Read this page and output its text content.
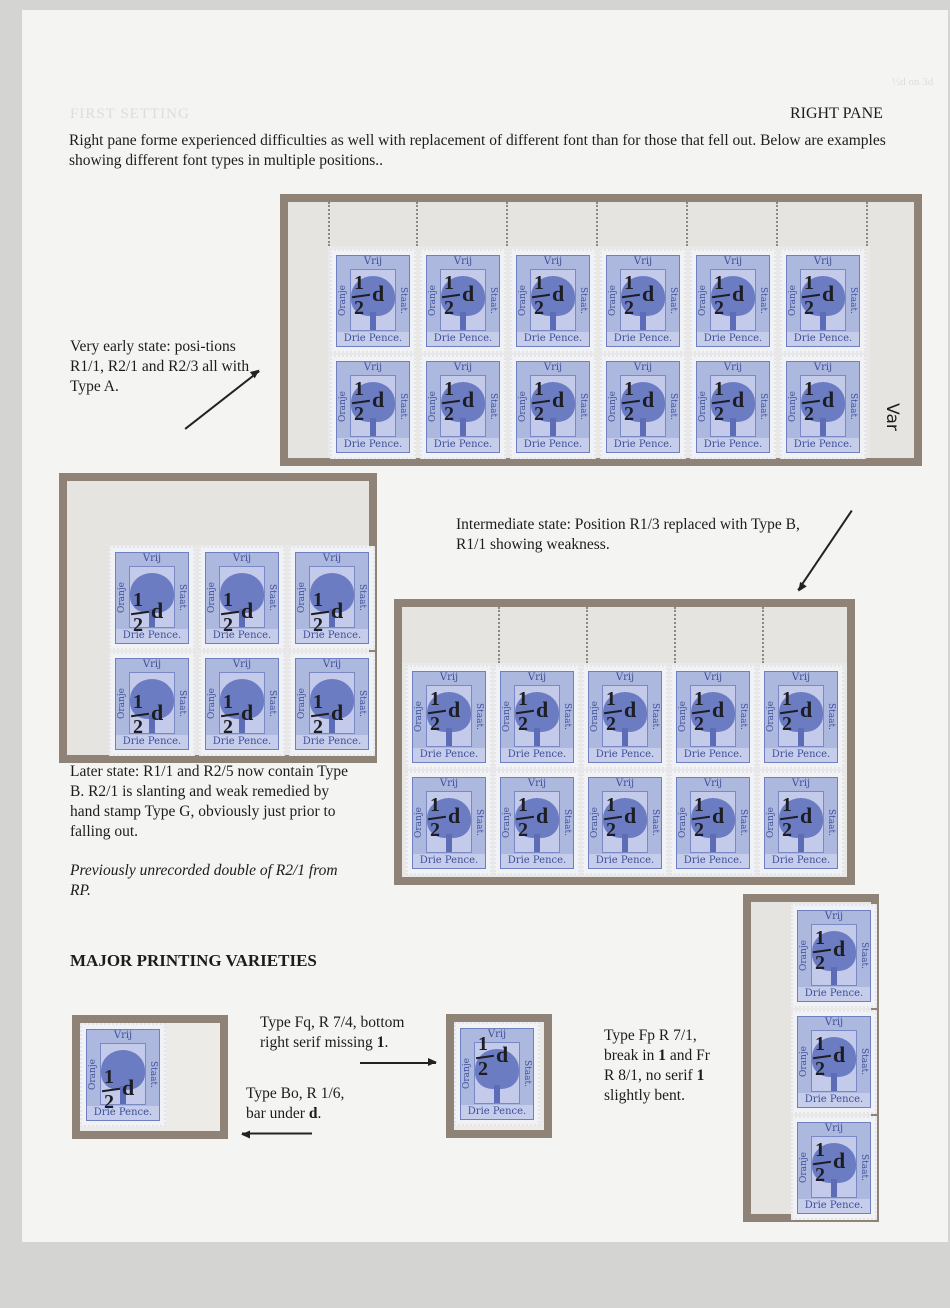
½d on 3d
FIRST SETTING	RIGHT PANE
Right pane forme experienced difficulties as well with replacement of different font than for those that fell out. Below are examples showing different font types in multiple positions..
Vrij
Oranje	Staat.
Drie Pence.
1
2
d
Vrij
Oranje	Staat.
Drie Pence.
1
2
d
Vrij
Oranje	Staat.
Drie Pence.
1
2
d
Vrij
Oranje	Staat.
Drie Pence.
1
2
d
Vrij
Oranje	Staat.
Drie Pence.
1
2
d
Vrij
Oranje	Staat.
Drie Pence.
1
2
d
Vrij
Oranje	Staat.
Drie Pence.
1
2
d
Vrij
Oranje	Staat.
Drie Pence.
1
2
d
Vrij
Oranje	Staat.
Drie Pence.
1
2
d
Vrij
Oranje	Staat.
Drie Pence.
1
2
d
Vrij
Oranje	Staat.
Drie Pence.
1
2
d
Vrij
Oranje	Staat.
Drie Pence.
1
2
d
Var
Very early state: posi-tions R1/1, R2/1 and R2/3 all with Type A.
Vrij
Oranje	Staat.
Drie Pence.
1
2
d
Vrij
Oranje	Staat.
Drie Pence.
1
2
d
Vrij
Oranje	Staat.
Drie Pence.
1
2
d
Vrij
Oranje	Staat.
Drie Pence.
1
2
d
Vrij
Oranje	Staat.
Drie Pence.
1
2
d
Vrij
Oranje	Staat.
Drie Pence.
1
2
d
Intermediate state: Position R1/3 replaced with Type B, R1/1 showing weakness.
Vrij
Oranje	Staat.
Drie Pence.
1
2
d
Vrij
Oranje	Staat.
Drie Pence.
1
2
d
Vrij
Oranje	Staat.
Drie Pence.
1
2
d
Vrij
Oranje	Staat.
Drie Pence.
1
2
d
Vrij
Oranje	Staat.
Drie Pence.
1
2
d
Vrij
Oranje	Staat.
Drie Pence.
1
2
d
Vrij
Oranje	Staat.
Drie Pence.
1
2
d
Vrij
Oranje	Staat.
Drie Pence.
1
2
d
Vrij
Oranje	Staat.
Drie Pence.
1
2
d
Vrij
Oranje	Staat.
Drie Pence.
1
2
d
Later state: R1/1 and R2/5 now contain Type B. R2/1 is slanting and weak remedied by hand stamp Type G, obviously just prior to falling out.
Previously unrecorded double of R2/1 from RP.
MAJOR PRINTING VARIETIES
Vrij
Oranje	Staat.
Drie Pence.
1
2
d
Type Fq, R 7/4, bottom
right serif missing 1.
Type Bo, R 1/6,
bar under d.
Vrij
Oranje	Staat.
Drie Pence.
1
2
d
Type Fp R 7/1,
break in 1 and Fr
R 8/1, no serif 1
slightly bent.
Vrij
Oranje	Staat.
Drie Pence.
1
2
d
Vrij
Oranje	Staat.
Drie Pence.
1
2
d
Vrij
Oranje	Staat.
Drie Pence.
1
2
d
